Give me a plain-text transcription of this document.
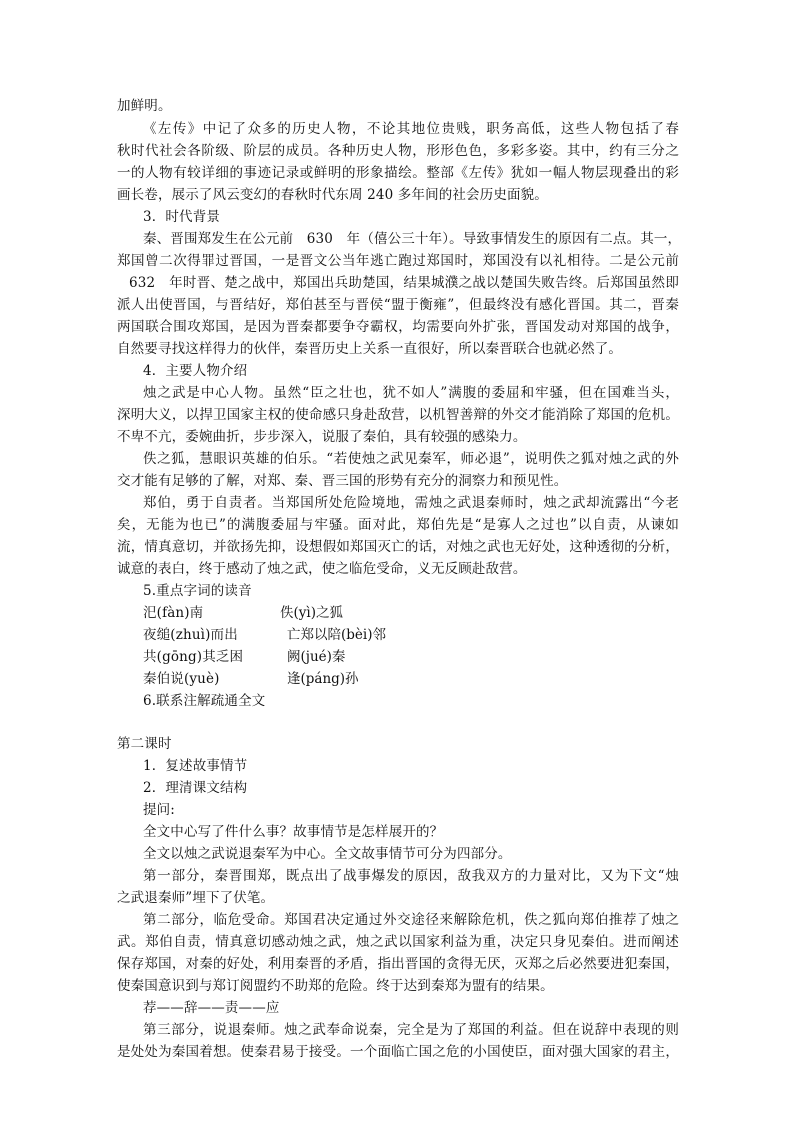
加鲜明。
《左传》中记了众多的历史人物，不论其地位贵贱，职务高低，这些人物包括了春
秋时代社会各阶级、阶层的成员。各种历史人物，形形色色，多彩多姿。其中，约有三分之
一的人物有较详细的事迹记录或鲜明的形象描绘。整部《左传》犹如一幅人物层现叠出的彩
画长卷，展示了风云变幻的春秋时代东周 240 多年间的社会历史面貌。
3．时代背景
秦、晋围郑发生在公元前　630　年（僖公三十年）。导致事情发生的原因有二点。其一，
郑国曾二次得罪过晋国，一是晋文公当年逃亡跑过郑国时，郑国没有以礼相待。二是公元前
632　年时晋、楚之战中，郑国出兵助楚国，结果城濮之战以楚国失败告终。后郑国虽然即
派人出使晋国，与晋结好，郑伯甚至与晋侯“盟于衡雍”，但最终没有感化晋国。其二，晋秦
两国联合围攻郑国，是因为晋秦都要争夺霸权，均需要向外扩张，晋国发动对郑国的战争，
自然要寻找这样得力的伙伴，秦晋历史上关系一直很好，所以秦晋联合也就必然了。
4．主要人物介绍
烛之武是中心人物。虽然“臣之壮也，犹不如人”满腹的委屈和牢骚，但在国难当头，
深明大义，以捍卫国家主权的使命感只身赴敌营，以机智善辩的外交才能消除了郑国的危机。
不卑不亢，委婉曲折，步步深入，说服了秦伯，具有较强的感染力。
佚之狐，慧眼识英雄的伯乐。“若使烛之武见秦军，师必退”，说明佚之狐对烛之武的外
交才能有足够的了解，对郑、秦、晋三国的形势有充分的洞察力和预见性。
郑伯，勇于自责者。当郑国所处危险境地，需烛之武退秦师时，烛之武却流露出“今老
矣，无能为也已”的满腹委屈与牢骚。面对此，郑伯先是“是寡人之过也”以自责，从谏如
流，情真意切，并欲扬先抑，设想假如郑国灭亡的话，对烛之武也无好处，这种透彻的分析，
诚意的表白，终于感动了烛之武，使之临危受命，义无反顾赴敌营。
5.重点字词的读音
汜(fàn)南	佚(yì)之狐
夜缒(zhuì)而出	亡郑以陪(bèi)邻
共(gōng)其乏困	阙(jué)秦
秦伯说(yuè)	逢(páng)孙
6.联系注解疏通全文
第二课时
1．复述故事情节
2．理清课文结构
提问:
全文中心写了件什么事？故事情节是怎样展开的？
全文以烛之武说退秦军为中心。全文故事情节可分为四部分。
第一部分，秦晋围郑，既点出了战事爆发的原因，敌我双方的力量对比，又为下文“烛
之武退秦师”埋下了伏笔。
第二部分，临危受命。郑国君决定通过外交途径来解除危机，佚之狐向郑伯推荐了烛之
武。郑伯自责，情真意切感动烛之武，烛之武以国家利益为重，决定只身见秦伯。进而阐述
保存郑国，对秦的好处，利用秦晋的矛盾，指出晋国的贪得无厌，灭郑之后必然要进犯秦国，
使秦国意识到与郑订阅盟约不助郑的危险。终于达到秦郑为盟有的结果。
荐——辞——责——应
第三部分，说退秦师。烛之武奉命说秦，完全是为了郑国的利益。但在说辞中表现的则
是处处为秦国着想。使秦君易于接受。一个面临亡国之危的小国使臣，面对强大国家的君主，
